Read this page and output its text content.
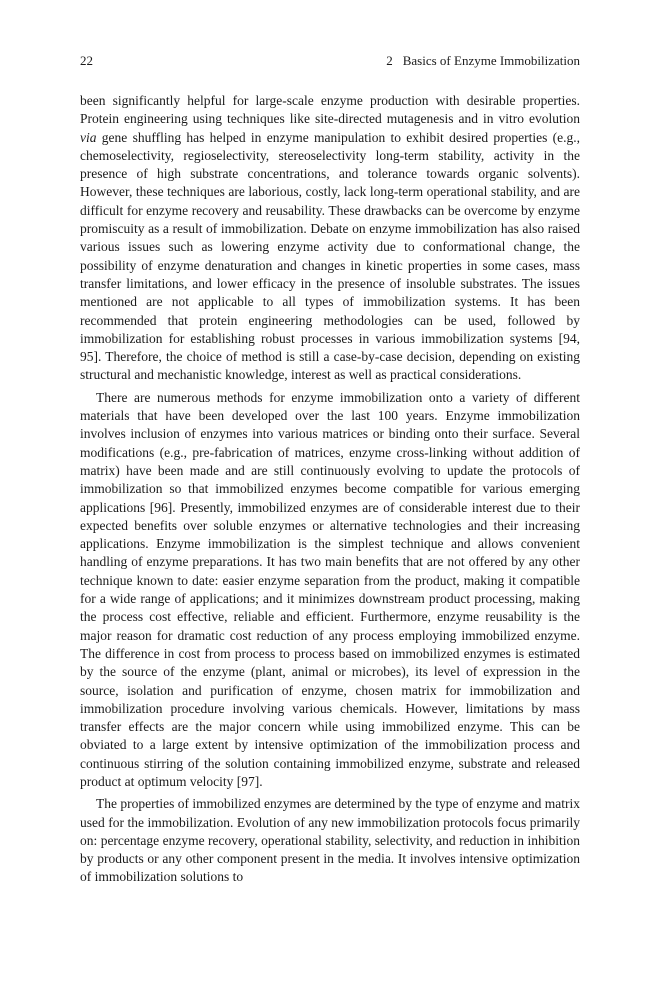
22	2 Basics of Enzyme Immobilization

been significantly helpful for large-scale enzyme production with desirable properties. Protein engineering using techniques like site-directed mutagenesis and in vitro evolution via gene shuffling has helped in enzyme manipulation to exhibit desired properties (e.g., chemoselectivity, regioselectivity, stereoselectivity long-term stability, activity in the presence of high substrate concentrations, and tolerance towards organic solvents). However, these techniques are laborious, costly, lack long-term operational stability, and are difficult for enzyme recovery and reusability. These drawbacks can be overcome by enzyme promiscuity as a result of immobilization. Debate on enzyme immobilization has also raised various issues such as lowering enzyme activity due to conformational change, the possibility of enzyme denaturation and changes in kinetic properties in some cases, mass transfer limitations, and lower efficacy in the presence of insoluble substrates. The issues mentioned are not applicable to all types of immobilization systems. It has been recommended that protein engineering methodologies can be used, followed by immobilization for establishing robust processes in various immobilization systems [94, 95]. Therefore, the choice of method is still a case-by-case decision, depending on existing structural and mechanistic knowledge, interest as well as practical considerations.

There are numerous methods for enzyme immobilization onto a variety of different materials that have been developed over the last 100 years. Enzyme immobilization involves inclusion of enzymes into various matrices or binding onto their surface. Several modifications (e.g., pre-fabrication of matrices, enzyme cross-linking without addition of matrix) have been made and are still continuously evolving to update the protocols of immobilization so that immobilized enzymes become compatible for various emerging applications [96]. Presently, immobilized enzymes are of considerable interest due to their expected benefits over soluble enzymes or alternative technologies and their increasing applications. Enzyme immobilization is the simplest technique and allows convenient handling of enzyme preparations. It has two main benefits that are not offered by any other technique known to date: easier enzyme separation from the product, making it compatible for a wide range of applications; and it minimizes downstream product processing, making the process cost effective, reliable and efficient. Furthermore, enzyme reusability is the major reason for dramatic cost reduction of any process employing immobilized enzyme. The difference in cost from process to process based on immobilized enzymes is estimated by the source of the enzyme (plant, animal or microbes), its level of expression in the source, isolation and purification of enzyme, chosen matrix for immobilization and immobilization procedure involving various chemicals. However, limitations by mass transfer effects are the major concern while using immobilized enzyme. This can be obviated to a large extent by intensive optimization of the immobilization process and continuous stirring of the solution containing immobilized enzyme, substrate and released product at optimum velocity [97].

The properties of immobilized enzymes are determined by the type of enzyme and matrix used for the immobilization. Evolution of any new immobilization protocols focus primarily on: percentage enzyme recovery, operational stability, selectivity, and reduction in inhibition by products or any other component present in the media. It involves intensive optimization of immobilization solutions to
